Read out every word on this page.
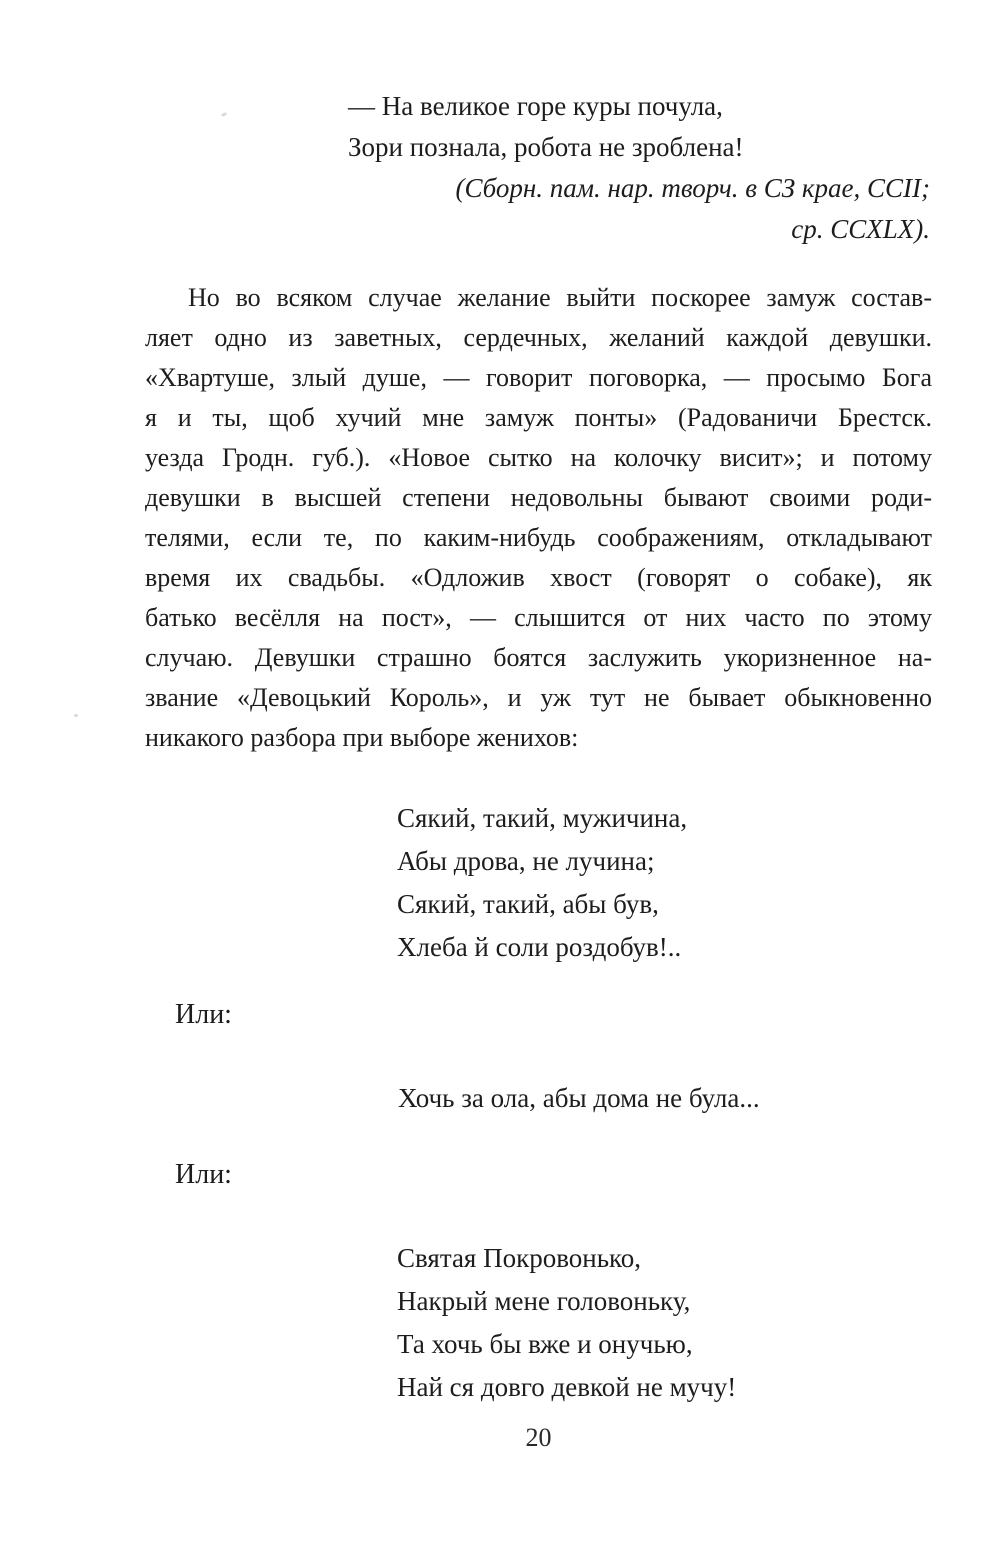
— На великое горе куры почула,
Зори познала, робота не зроблена!
(Сборн. пам. нар. творч. в СЗ крае, CCII;
ср. CCXLX).
Но во всяком случае желание выйти поскорее замуж состав-
ляет одно из заветных, сердечных, желаний каждой девушки.
«Хвартуше, злый душе, — говорит поговорка, — просымо Бога
я и ты, щоб хучий мне замуж понты» (Радованичи Брестск.
уезда Гродн. губ.). «Новое сытко на колочку висит»; и потому
девушки в высшей степени недовольны бывают своими роди-
телями, если те, по каким-нибудь соображениям, откладывают
время их свадьбы. «Одложив хвост (говорят о собаке), як
батько весёлля на пост», — слышится от них часто по этому
случаю. Девушки страшно боятся заслужить укоризненное на-
звание «Девоцький Король», и уж тут не бывает обыкновенно
никакого разбора при выборе женихов:
Сякий, такий, мужичина,
Абы дрова, не лучина;
Сякий, такий, абы був,
Хлеба й соли роздобув!..
Или:
Хочь за ола, абы дома не була...
Или:
Святая Покровонько,
Накрый мене головоньку,
Та хочь бы вже и онучью,
Най ся довго девкой не мучу!
20
